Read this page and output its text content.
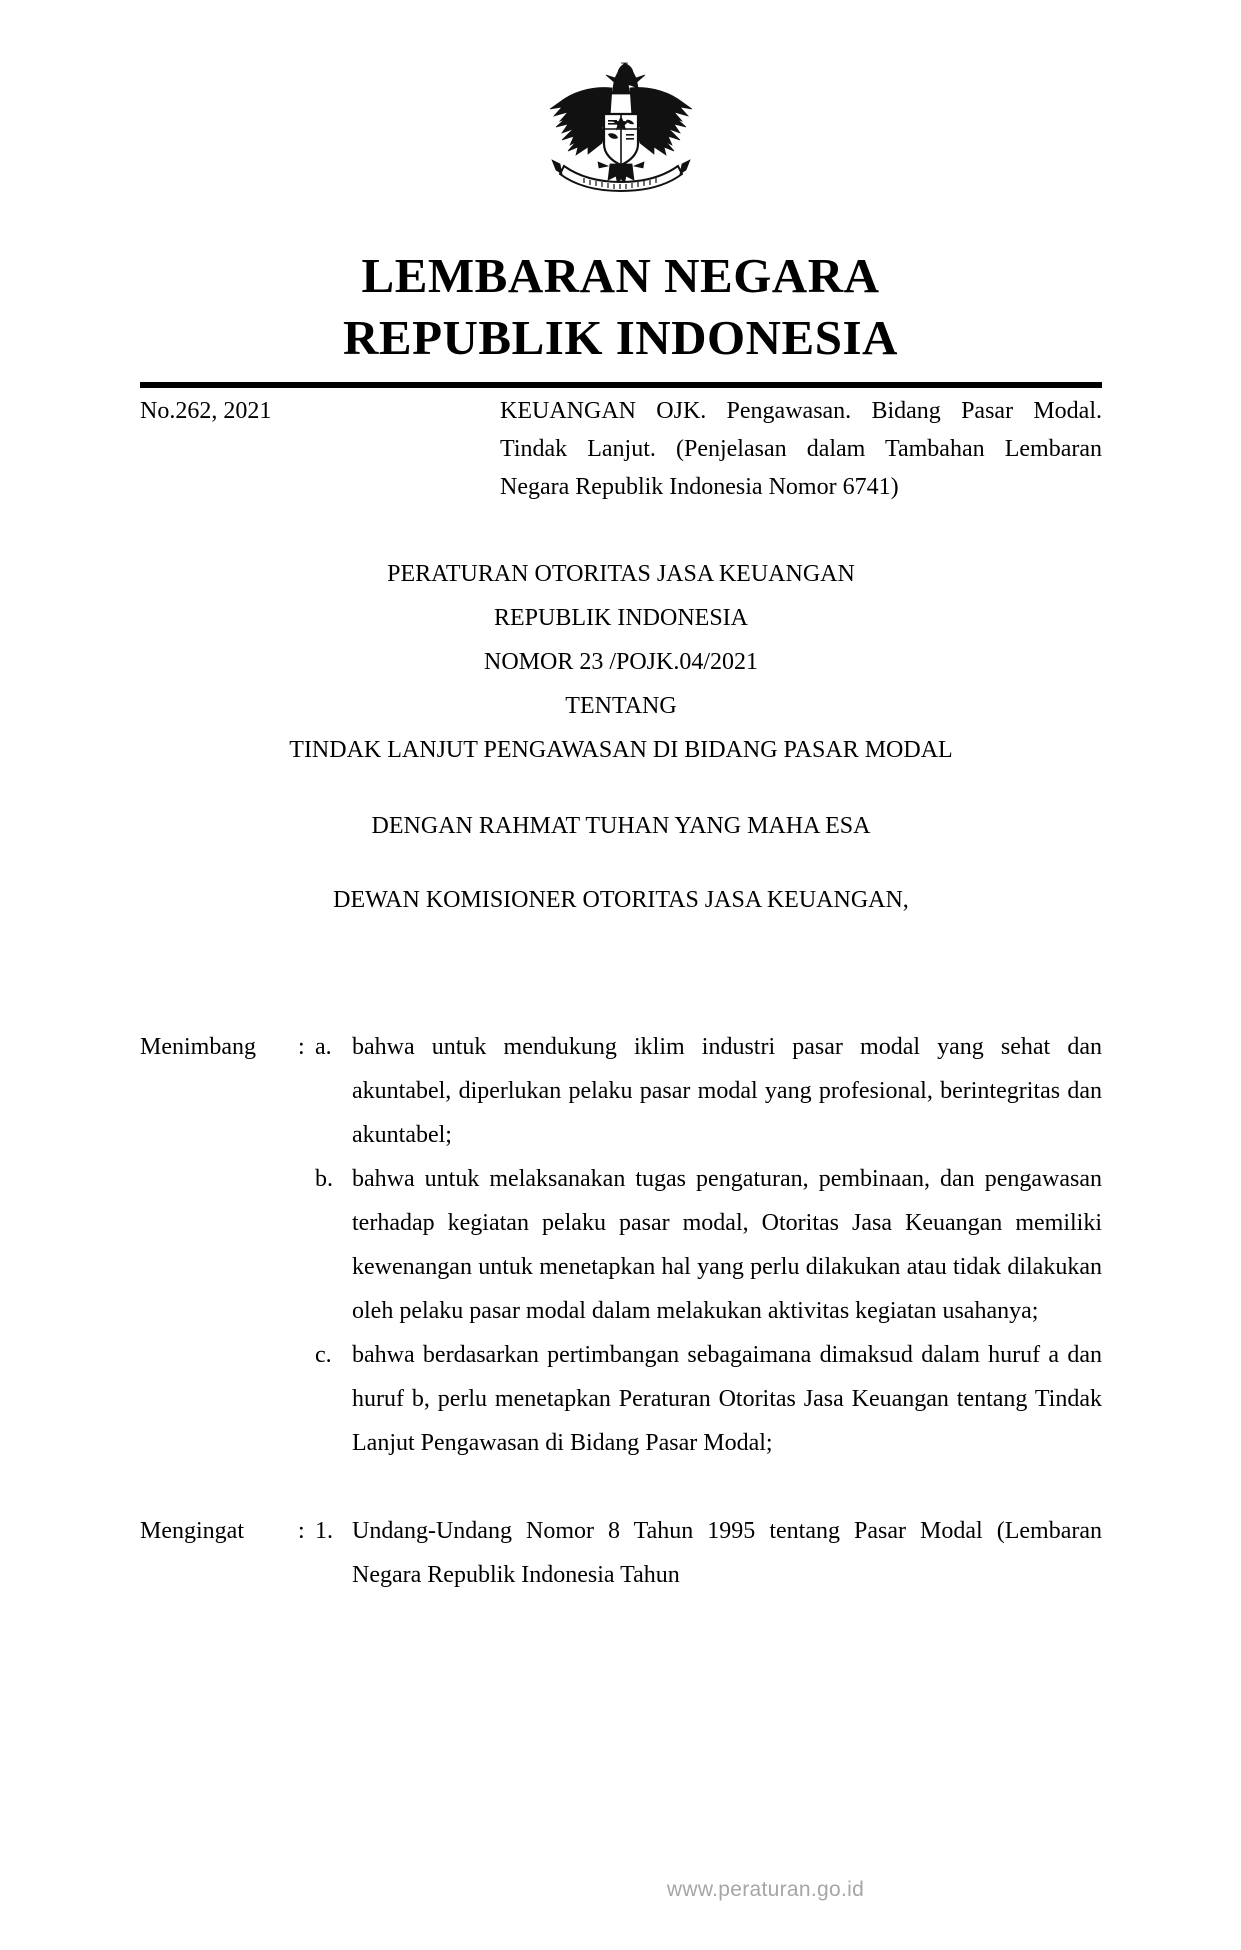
LEMBARAN NEGARA
REPUBLIK INDONESIA
No.262, 2021	KEUANGAN OJK. Pengawasan. Bidang Pasar Modal. Tindak Lanjut. (Penjelasan dalam Tambahan Lembaran Negara Republik Indonesia Nomor 6741)
PERATURAN OTORITAS JASA KEUANGAN
REPUBLIK INDONESIA
NOMOR 23 /POJK.04/2021
TENTANG
TINDAK LANJUT PENGAWASAN DI BIDANG PASAR MODAL
DENGAN RAHMAT TUHAN YANG MAHA ESA
DEWAN KOMISIONER OTORITAS JASA KEUANGAN,
Menimbang	: a. bahwa untuk mendukung iklim industri pasar modal yang sehat dan akuntabel, diperlukan pelaku pasar modal yang profesional, berintegritas dan akuntabel;
b. bahwa untuk melaksanakan tugas pengaturan, pembinaan, dan pengawasan terhadap kegiatan pelaku pasar modal, Otoritas Jasa Keuangan memiliki kewenangan untuk menetapkan hal yang perlu dilakukan atau tidak dilakukan oleh pelaku pasar modal dalam melakukan aktivitas kegiatan usahanya;
c. bahwa berdasarkan pertimbangan sebagaimana dimaksud dalam huruf a dan huruf b, perlu menetapkan Peraturan Otoritas Jasa Keuangan tentang Tindak Lanjut Pengawasan di Bidang Pasar Modal;
Mengingat	: 1. Undang-Undang Nomor 8 Tahun 1995 tentang Pasar Modal (Lembaran Negara Republik Indonesia Tahun
www.peraturan.go.id
